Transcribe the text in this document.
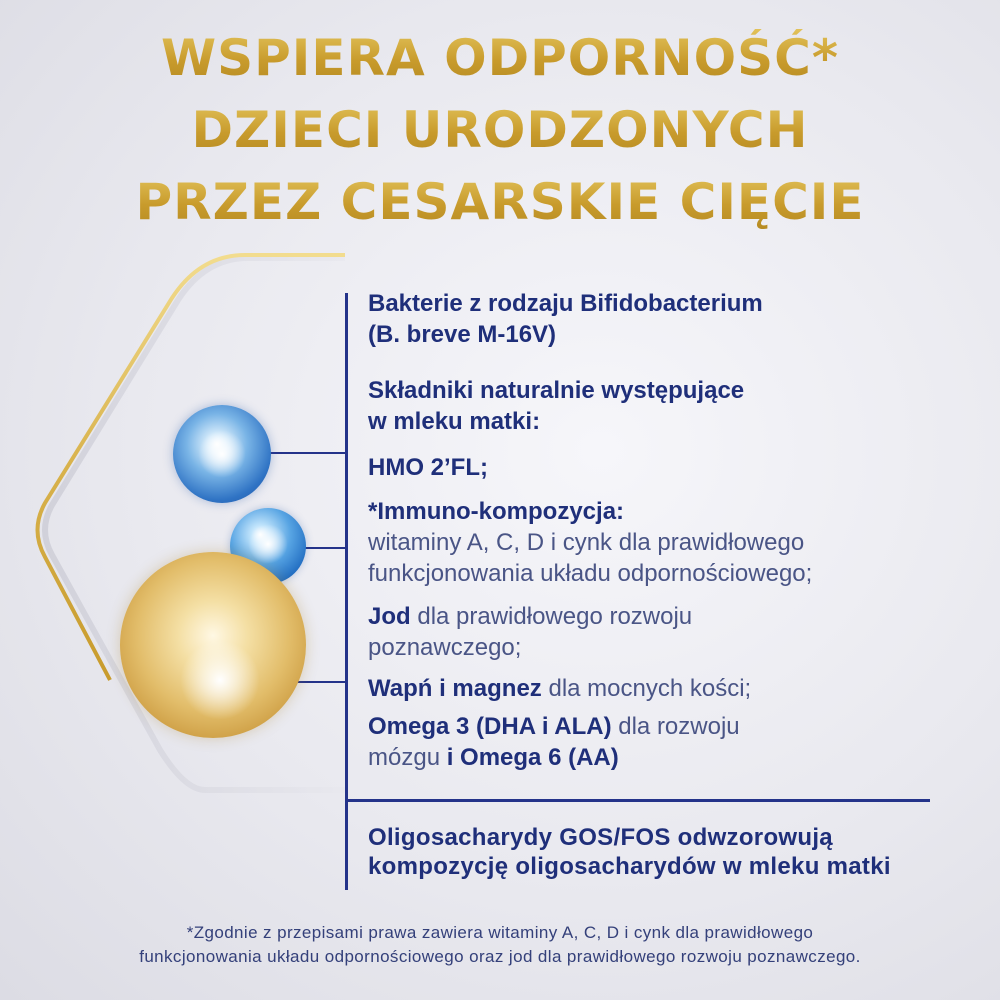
WSPIERA ODPORNOŚĆ*
DZIECI URODZONYCH
PRZEZ CESARSKIE CIĘCIE
Bakterie z rodzaju Bifidobacterium
(B. breve M-16V)
Składniki naturalnie występujące
w mleku matki:
HMO 2’FL;
*Immuno-kompozycja:
witaminy A, C, D i cynk dla prawidłowego
funkcjonowania układu odpornościowego;
Jod dla prawidłowego rozwoju
poznawczego;
Wapń i magnez dla mocnych kości;
Omega 3 (DHA i ALA) dla rozwoju
mózgu i Omega 6 (AA)
Oligosacharydy GOS/FOS odwzorowują
kompozycję oligosacharydów w mleku matki
*Zgodnie z przepisami prawa zawiera witaminy A, C, D i cynk dla prawidłowego
funkcjonowania układu odpornościowego oraz jod dla prawidłowego rozwoju poznawczego.
